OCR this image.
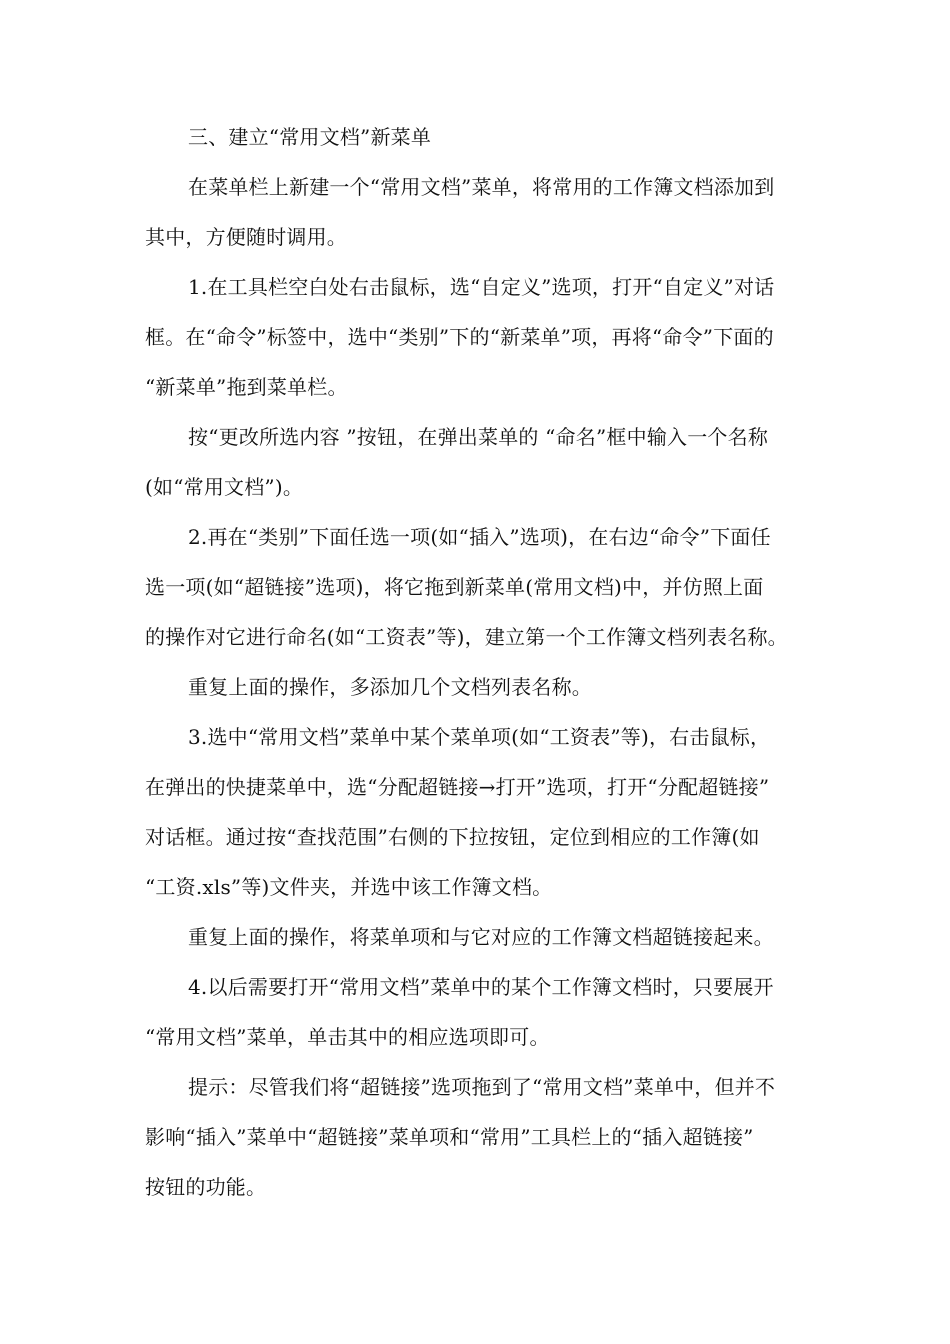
三、建立“常用文档”新菜单
在菜单栏上新建一个“常用文档”菜单，将常用的工作簿文档添加到
其中，方便随时调用。
1.在工具栏空白处右击鼠标，选“自定义”选项，打开“自定义”对话
框。在“命令”标签中，选中“类别”下的“新菜单”项，再将“命令”下面的
“新菜单”拖到菜单栏。
按“更改所选内容 ”按钮，在弹出菜单的 “命名”框中输入一个名称
(如“常用文档”)。
2.再在“类别”下面任选一项(如“插入”选项)，在右边“命令”下面任
选一项(如“超链接”选项)，将它拖到新菜单(常用文档)中，并仿照上面
的操作对它进行命名(如“工资表”等)，建立第一个工作簿文档列表名称。
重复上面的操作，多添加几个文档列表名称。
3.选中“常用文档”菜单中某个菜单项(如“工资表”等)，右击鼠标，
在弹出的快捷菜单中，选“分配超链接→打开”选项，打开“分配超链接”
对话框。通过按“查找范围”右侧的下拉按钮，定位到相应的工作簿(如
“工资.xls”等)文件夹，并选中该工作簿文档。
重复上面的操作，将菜单项和与它对应的工作簿文档超链接起来。
4.以后需要打开“常用文档”菜单中的某个工作簿文档时，只要展开
“常用文档”菜单，单击其中的相应选项即可。
提示：尽管我们将“超链接”选项拖到了“常用文档”菜单中，但并不
影响“插入”菜单中“超链接”菜单项和“常用”工具栏上的“插入超链接”
按钮的功能。
